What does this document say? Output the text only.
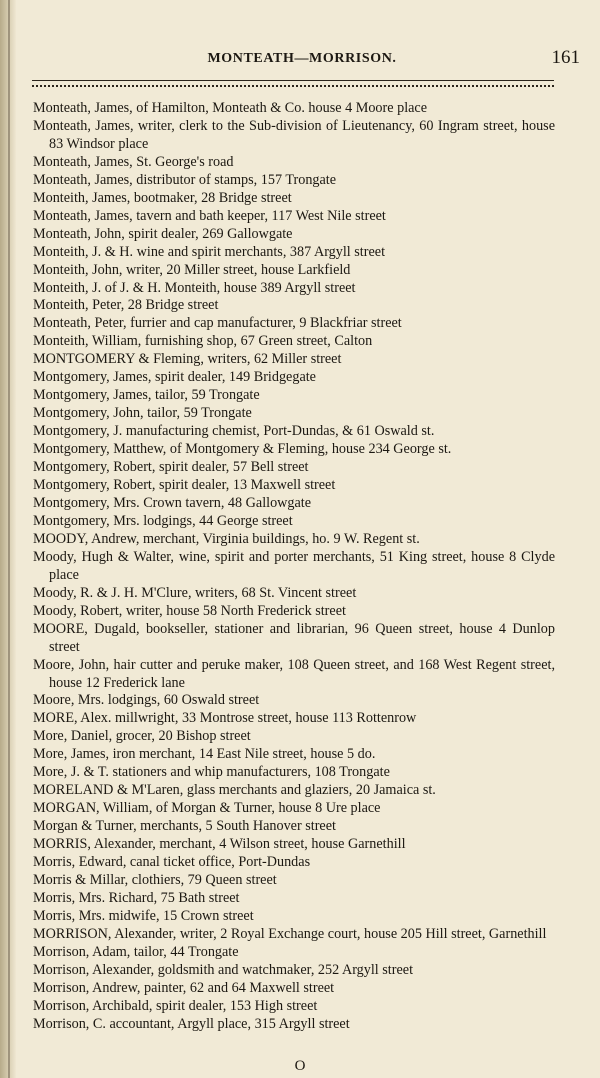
MONTEATH—MORRISON.	161
Monteath, James, of Hamilton, Monteath & Co. house 4 Moore place
Monteath, James, writer, clerk to the Sub-division of Lieutenancy, 60 Ingram street, house 83 Windsor place
Monteath, James, St. George's road
Monteath, James, distributor of stamps, 157 Trongate
Monteith, James, bootmaker, 28 Bridge street
Monteath, James, tavern and bath keeper, 117 West Nile street
Monteath, John, spirit dealer, 269 Gallowgate
Monteith, J. & H. wine and spirit merchants, 387 Argyll street
Monteith, John, writer, 20 Miller street, house Larkfield
Monteith, J. of J. & H. Monteith, house 389 Argyll street
Monteith, Peter, 28 Bridge street
Monteath, Peter, furrier and cap manufacturer, 9 Blackfriar street
Monteith, William, furnishing shop, 67 Green street, Calton
MONTGOMERY & Fleming, writers, 62 Miller street
Montgomery, James, spirit dealer, 149 Bridgegate
Montgomery, James, tailor, 59 Trongate
Montgomery, John, tailor, 59 Trongate
Montgomery, J. manufacturing chemist, Port-Dundas, & 61 Oswald st.
Montgomery, Matthew, of Montgomery & Fleming, house 234 George st.
Montgomery, Robert, spirit dealer, 57 Bell street
Montgomery, Robert, spirit dealer, 13 Maxwell street
Montgomery, Mrs. Crown tavern, 48 Gallowgate
Montgomery, Mrs. lodgings, 44 George street
MOODY, Andrew, merchant, Virginia buildings, ho. 9 W. Regent st.
Moody, Hugh & Walter, wine, spirit and porter merchants, 51 King street, house 8 Clyde place
Moody, R. & J. H. M'Clure, writers, 68 St. Vincent street
Moody, Robert, writer, house 58 North Frederick street
MOORE, Dugald, bookseller, stationer and librarian, 96 Queen street, house 4 Dunlop street
Moore, John, hair cutter and peruke maker, 108 Queen street, and 168 West Regent street, house 12 Frederick lane
Moore, Mrs. lodgings, 60 Oswald street
MORE, Alex. millwright, 33 Montrose street, house 113 Rottenrow
More, Daniel, grocer, 20 Bishop street
More, James, iron merchant, 14 East Nile street, house 5 do.
More, J. & T. stationers and whip manufacturers, 108 Trongate
MORELAND & M'Laren, glass merchants and glaziers, 20 Jamaica st.
MORGAN, William, of Morgan & Turner, house 8 Ure place
Morgan & Turner, merchants, 5 South Hanover street
MORRIS, Alexander, merchant, 4 Wilson street, house Garnethill
Morris, Edward, canal ticket office, Port-Dundas
Morris & Millar, clothiers, 79 Queen street
Morris, Mrs. Richard, 75 Bath street
Morris, Mrs. midwife, 15 Crown street
MORRISON, Alexander, writer, 2 Royal Exchange court, house 205 Hill street, Garnethill
Morrison, Adam, tailor, 44 Trongate
Morrison, Alexander, goldsmith and watchmaker, 252 Argyll street
Morrison, Andrew, painter, 62 and 64 Maxwell street
Morrison, Archibald, spirit dealer, 153 High street
Morrison, C. accountant, Argyll place, 315 Argyll street
O
